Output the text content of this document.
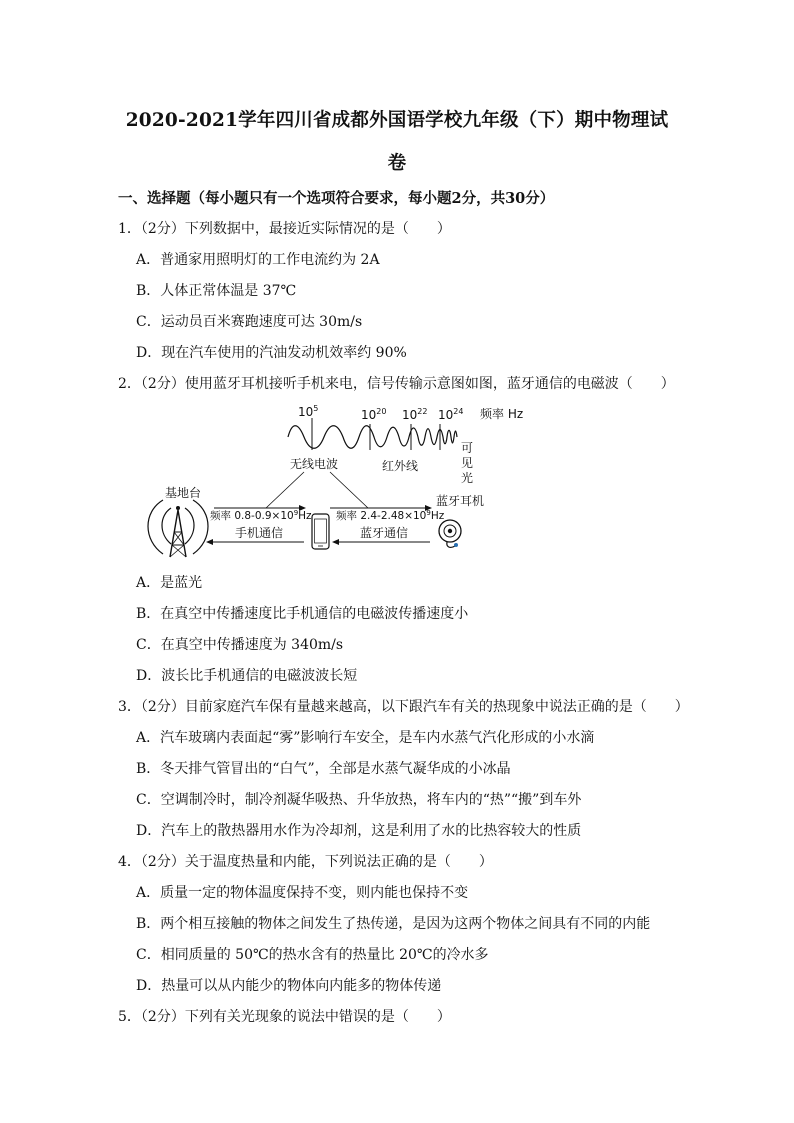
2020-2021学年四川省成都外国语学校九年级（下）期中物理试
卷
一、选择题（每小题只有一个选项符合要求，每小题2分，共30分）
1．（2分）下列数据中，最接近实际情况的是（　　）
A．普通家用照明灯的工作电流约为 2A
B．人体正常体温是 37℃
C．运动员百米赛跑速度可达 30m/s
D．现在汽车使用的汽油发动机效率约 90%
2．（2分）使用蓝牙耳机接听手机来电，信号传输示意图如图，蓝牙通信的电磁波（　　）
$10^5$	$10^{20}$ $10^{22}$ $10^{24}$ 频率 Hz
可
见
光
无线电波	红外线
基地台
蓝牙耳机
频率 $0.8-0.9\times 10^9Hz$ 频率 $2.4-2.48\times 10^9Hz$
手机通信	蓝牙通信
A．是蓝光
B．在真空中传播速度比手机通信的电磁波传播速度小
C．在真空中传播速度为 340m/s
D．波长比手机通信的电磁波波长短
3．（2分）目前家庭汽车保有量越来越高，以下跟汽车有关的热现象中说法正确的是（　　）
A．汽车玻璃内表面起“雾”影响行车安全，是车内水蒸气汽化形成的小水滴
B．冬天排气管冒出的“白气”，全部是水蒸气凝华成的小冰晶
C．空调制冷时，制冷剂凝华吸热、升华放热，将车内的“热”“搬”到车外
D．汽车上的散热器用水作为冷却剂，这是利用了水的比热容较大的性质
4．（2分）关于温度热量和内能，下列说法正确的是（　　）
A．质量一定的物体温度保持不变，则内能也保持不变
B．两个相互接触的物体之间发生了热传递，是因为这两个物体之间具有不同的内能
C．相同质量的 50℃的热水含有的热量比 20℃的冷水多
D．热量可以从内能少的物体向内能多的物体传递
5．（2分）下列有关光现象的说法中错误的是（　　）
